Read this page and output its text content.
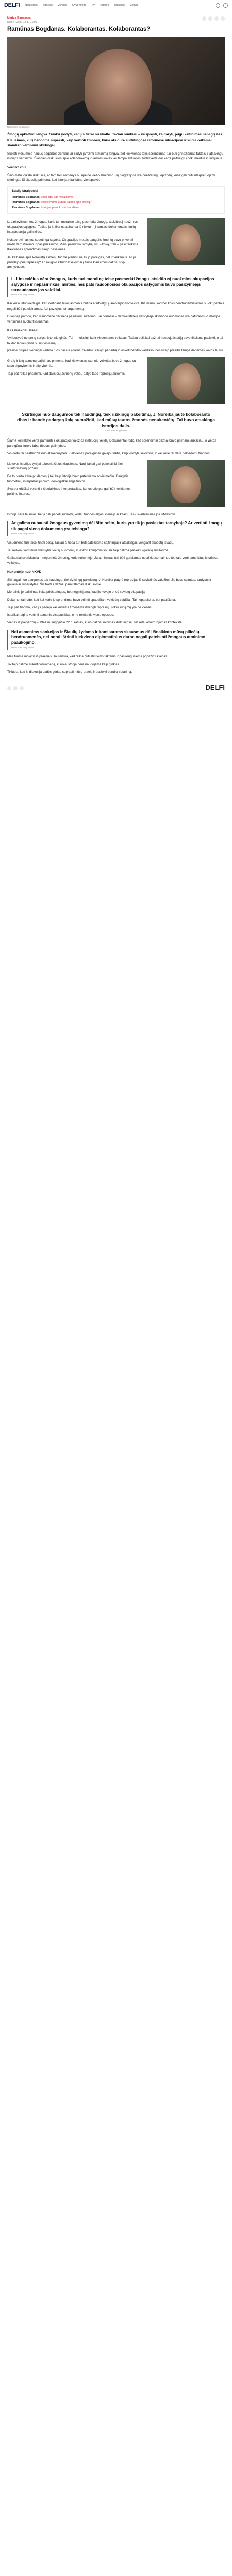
DELFI Naujienos Sportas Verslas Gyvenimas TV Kultūra Mokslas Veidai
Marius Bogdanas
Delfi.lt | 2020-12-17 10:00
Ramūnas Bogdanas. Kolaborantas. Kolaborantas?
Ramūnas Bogdanas

Žmogų apkaltinti lengva. Sunku įrodyti, kad jis tikrai nusikalto. Tačiau sunkiau – nuspręsti, ką daryti, jeigu kaltinimas nepagrįstas. Klausimas, kurį bandome suprasti, kaip vertinti žmones, kurie atsidūrė sudėtingose istorinėse situacijose ir kurių veiksmai šiandien vertinami skirtingai.

Skelbti viešumoje naujus pagarbos ženklus ar siūlyti įamžinti atminimą lengva, bet kiekvienas toks sprendimas turi būti grindžiamas faktais ir atsakingu istorijos vertinimu. Šiandien diskusijos apie kolaboravimą ir laisvės kovas vėl tampa aktualios, todėl verta dar kartą pažvelgti į dokumentus ir liudijimus.

Verdikt kol?

Šiuo metu vyksta diskusija, ar tam tikri asmenys nusipelnė viešo atminimo. Jų biografijose yra prieštaringų epizodų, kurie gali būti interpretuojami skirtingai. Ši situacija primena, kad istorija retai būna vienspalvė.

Susiję straipsniai
Ramūnas Bogdanas: Kiek ilgai dar nepaisome?
Ramūnas Bogdanas: Kodėl mums sunku kalbėti apie praeitį?
Ramūnas Bogdanas: Istorijos pamokos ir šiandiena

L. Linkevičius nėra žmogus, kuris turi moralinę teisę pasmerkti žmogų, atsidūrusį nuožmios okupacijos sąlygose. Tačiau jo kritika neatsiranda iš niekur – ji remiasi dokumentais, kurių interpretacija gali skirtis.

Kolaboravimas yra sudėtinga sąvoka. Okupacijos metais daugelis žmonių buvo priversti rinktis tarp išlikimo ir pasipriešinimo. Vieni pasirinko tarnybą, kiti – kovą, treti – pasitraukimą. Kiekvienas sprendimas turėjo pasekmes.

Jei kalbame apie konkretų asmenį, turime įvertinti ne tik jo pareigas, bet ir veiksmus. Ar jis prisidėjo prie represijų? Ar saugojo kitus? Atsakymai į šiuos klausimus dažnai slypi archyvuose.

L. Linkevičius nėra žmogus, kuris turi moralinę teisę pasmerkti žmogų, atsidūrusį nuožmios okupacijos sąlygose ir nepasirinkusį mirties, nes pats raudonosios okupacijos sąlygomis buvo pasižymėjęs tarnaudamas jos valdžiai.
Ramūnas Bogdanas

Kai kurie istorikai teigia, kad vertinant šiuos asmenis būtina atsižvelgti į laikotarpio kontekstą. Kiti mano, kad bet koks bendradarbiavimas su okupantais negali būti pateisinamas. Abi pozicijos turi argumentų.

Diskusija parodė, kad visuomenė dar nėra pasiekusi sutarimo. Tai normalu – demokratinėje valstybėje skirtingos nuomonės yra natūralios, o istorijos vertinimas nuolat tikslinamas.

Kas nuskriaustas?

Vyriausybė neturėtų spręsti istorinių ginčų. Tai – mokslininkų ir visuomenės reikalas. Tačiau politikai dažnai naudoja istoriją savo tikslams pasiekti, o tai tik dar labiau gilina susipriešinimą.

Įvairios grupės skirtingai vertina tuos pačius įvykius. Svarbu išlaikyti pagarbą ir ieškoti bendro vardiklio, nes kitaip praeitis tampa dabarties kovos lauku.

Grafų ir kitų asmenų palikimas primena, kad kiekvienas istorinis veikėjas buvo žmogus su savo silpnybėmis ir stiprybėmis.

Taip pat reikia prisiminti, kad dalis šių asmenų vėliau patys tapo represijų aukomis.

Skirtingai nuo daugumos tek naudingų, tiek rizikingų pakeitimų, J. Noreika jautė kolaboranto ribas ir bandė padarytą žalą sumažinti, kad mūsų tautos žmonės nenukentėtų. Tai buvo atsakinga istorijos dalis.
Ramūnas Bogdanas

Šiame kontekste verta paminėti ir okupacijos valdžios institucijų veiklą. Dokumentai rodo, kad sprendimai dažnai buvo priimami aukščiau, o vietos pareigūnai turėjo labai ribotas galimybes.

Vis dėlto tai neatleidžia nuo atsakomybės. Kiekvienas pareigūnas galėjo rinktis, kaip vykdyti įsakymus, ir kai kurie tai darė gelbėdami žmones.

Lietuvos istorijos tyrėjai tebetiria šiuos klausimus. Nauji faktai gali pakeisti iki šiol susiformavusį požiūrį.

Be to, verta atkreipti dėmesį į tai, kaip istorija buvo pateikiama sovietmečiu. Daugelis tuometinių interpretacijų buvo ideologiškai angažuotos.

Svarbu kritiškai vertinti ir šiuolaikines interpretacijas, kurios taip pat gali būti veikiamos politinių interesų.

Istorija nėra teismas, bet ji gali padėti suprasti, kodėl žmonės elgėsi vienaip ar kitaip. Tai – svarbiausias jos uždavinys.

Ar galima nubausti žmogaus gyvenimą dėl šito rašto, kuris yra tik jo pasiektas tarnyboje? Ar vertinti žmogų tik pagal vieną dokumentą yra teisinga?
Ramūnas Bogdanas

Visuomenė turi teisę žinoti tiesą. Tačiau ši tiesa turi būti pateikiama sąžiningai ir atsakingai, vengiant skubotų išvadų.

Tai reiškia, kad reikia klausytis įvairių nuomonių ir ieškoti kompromiso. Tik taip galima pasiekti ilgalaikį susitarimą.

Galiausiai svarbiausia – nepamiršti žmonių, kurie nukentėjo. Jų atminimas turi būti gerbiamas nepriklausomai nuo to, kaip vertiname kitus istorinius veikėjus.

Nukentėjo nuo NKVD

Skirtingai nuo daugumos tek naudingų, tiek rizikingų pakeitimų, J. Noreika patyrė represijas iš sovietinės valdžios. Jis buvo suimtas, tardytas ir galiausiai sušaudytas. Šis faktas dažnai pamirštamas diskusijose.

Moralinis jo palikimas lieka prieštaringas, bet neginčijama, kad jis kovojo prieš sovietų okupaciją.

Dokumentai rodo, kad kai kurie jo sprendimai buvo priimti spaudžiant vokiečių valdžiai. Tai nepateisina, bet paaiškina.

Taip pat žinoma, kad jis padėjo kai kuriems žmonėms išvengti represijų. Tokių liudijimų yra ne vienas.

Istorikai ragina vertinti asmenis visapusiškai, o ne remiantis vienu epizodu.

Vienas iš pavyzdžių – 1941 m. rugpjūčio 22 d. raštas, kuris dažnai minimas diskusijose, bet retai analizuojamas kontekste.

Nei asmenims sankcijos ir Šiaulių žydams ir komisarams skausmus dėl išnaikinto mūsų piliečių bendruomenės, nei norai ištrinti kiekvieno diplomatinius darbe negali pateisinti žmogaus atminimo paaukojimo.
Ramūnas Bogdanas

Mes turime mokytis iš praeities. Tai reiškia, kad reikia būti atviriems faktams ir pasirengusiems pripažinti klaidas.

Tik taip galime sukurti visuomenę, kurioje istorija nėra naudojama kaip ginklas.

Tikiuosi, kad ši diskusija padės geriau suprasti mūsų praeitį ir pasiekti bendrą sutarimą.

DELFI
